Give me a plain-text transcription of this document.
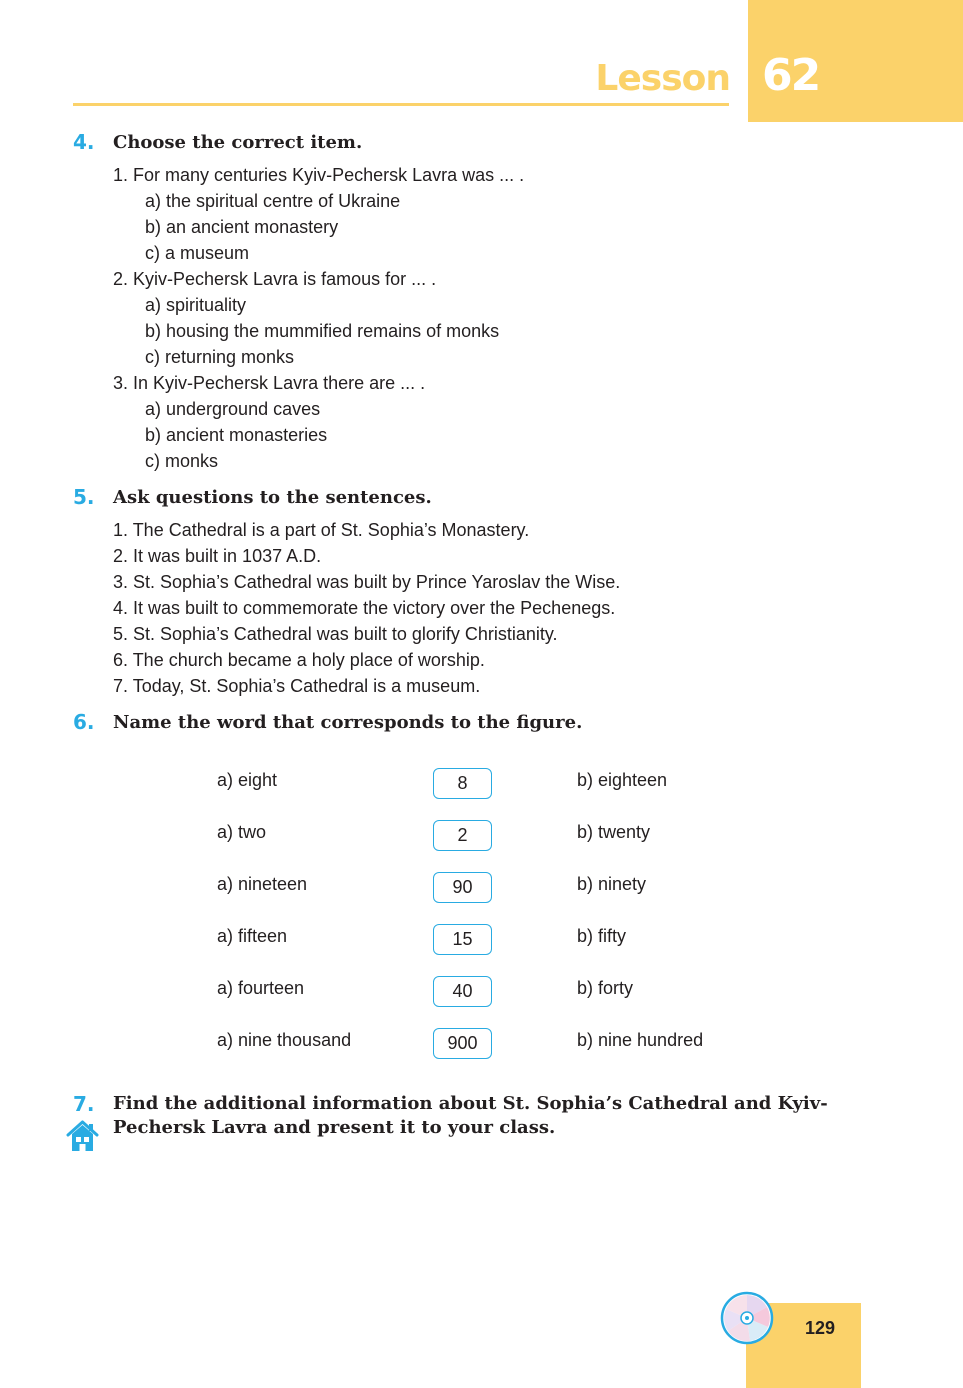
Lesson 62
4. Choose the correct item.
1. For many centuries Kyiv-Pechersk Lavra was ... .
a) the spiritual centre of Ukraine
b) an ancient monastery
c) a museum
2. Kyiv-Pechersk Lavra is famous for ... .
a) spirituality
b) housing the mummified remains of monks
c) returning monks
3. In Kyiv-Pechersk Lavra there are ... .
a) underground caves
b) ancient monasteries
c) monks
5. Ask questions to the sentences.
1. The Cathedral is a part of St. Sophia’s Monastery.
2. It was built in 1037 A.D.
3. St. Sophia’s Cathedral was built by Prince Yaroslav the Wise.
4. It was built to commemorate the victory over the Pechenegs.
5. St. Sophia’s Cathedral was built to glorify Christianity.
6. The church became a holy place of worship.
7. Today, St. Sophia’s Cathedral is a museum.
6. Name the word that corresponds to the figure.
a) eight	8	b) eighteen
a) two	2	b) twenty
a) nineteen	90	b) ninety
a) fifteen	15	b) fifty
a) fourteen	40	b) forty
a) nine thousand	900	b) nine hundred
7. Find the additional information about St. Sophia’s Cathedral and Kyiv-
Pechersk Lavra and present it to your class.
129
